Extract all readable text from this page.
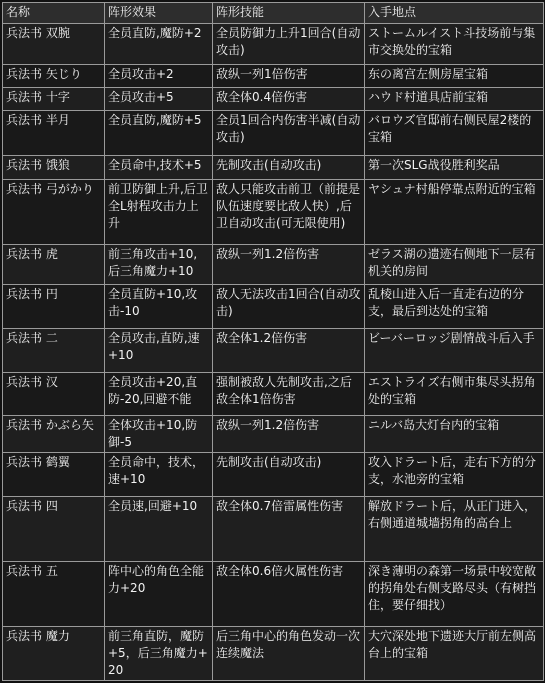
名称	阵形效果	阵形技能	入手地点
兵法书 双腕	全员直防,魔防+2	全员防御力上升1回合(自动攻击)	ストームルイスト斗技场前与集市交换处的宝箱
兵法书 矢じり	全员攻击+2	敌纵一列1倍伤害	东の离宫左侧房屋宝箱
兵法书 十字	全员攻击+5	敌全体0.4倍伤害	ハウド村道具店前宝箱
兵法书 半月	全员直防,魔防+5	全员1回合内伤害半减(自动攻击)	バロウズ官邸前右侧民屋2楼的宝箱
兵法书 饿狼	全员命中,技术+5	先制攻击(自动攻击)	第一次SLG战役胜利奖品
兵法书 弓がかり	前卫防御上升,后卫全L射程攻击力上升	敌人只能攻击前卫（前提是队伍速度要比敌人快）,后卫自动攻击(可无限使用)	ヤシュナ村船停靠点附近的宝箱
兵法书 虎	前三角攻击+10,后三角魔力+10	敌纵一列1.2倍伤害	ゼラス湖の遗迹右侧地下一层有机关的房间
兵法书 円	全员直防+10,攻击-10	敌人无法攻击1回合(自动攻击)	乱棱山进入后一直走右边的分支，最后到达处的宝箱
兵法书 二	全员攻击,直防,速+10	敌全体1.2倍伤害	ビーバーロッジ剧情战斗后入手
兵法书 汉	全员攻击+20,直防-20,回避不能	强制被敌人先制攻击,之后敌全体1倍伤害	エストライズ右侧市集尽头拐角处的宝箱
兵法书 かぶら矢	全体攻击+10,防御-5	敌纵一列1.2倍伤害	ニルバ岛大灯台内的宝箱
兵法书 鹤翼	全员命中，技术，速+10	先制攻击(自动攻击)	攻入ドラート后，走右下方的分支，水池旁的宝箱
兵法书 四	全员速,回避+10	敌全体0.7倍雷属性伤害	解放ドラート后，从正门进入，右侧通道城墙拐角的高台上
兵法书 五	阵中心的角色全能力+20	敌全体0.6倍火属性伤害	深き薄明の森第一场景中较宽敞的拐角处右侧支路尽头（有树挡住，要仔细找）
兵法书 魔力	前三角直防，魔防+5，后三角魔力+20	后三角中心的角色发动一次连续魔法	大穴深处地下遗迹大厅前左侧高台上的宝箱
